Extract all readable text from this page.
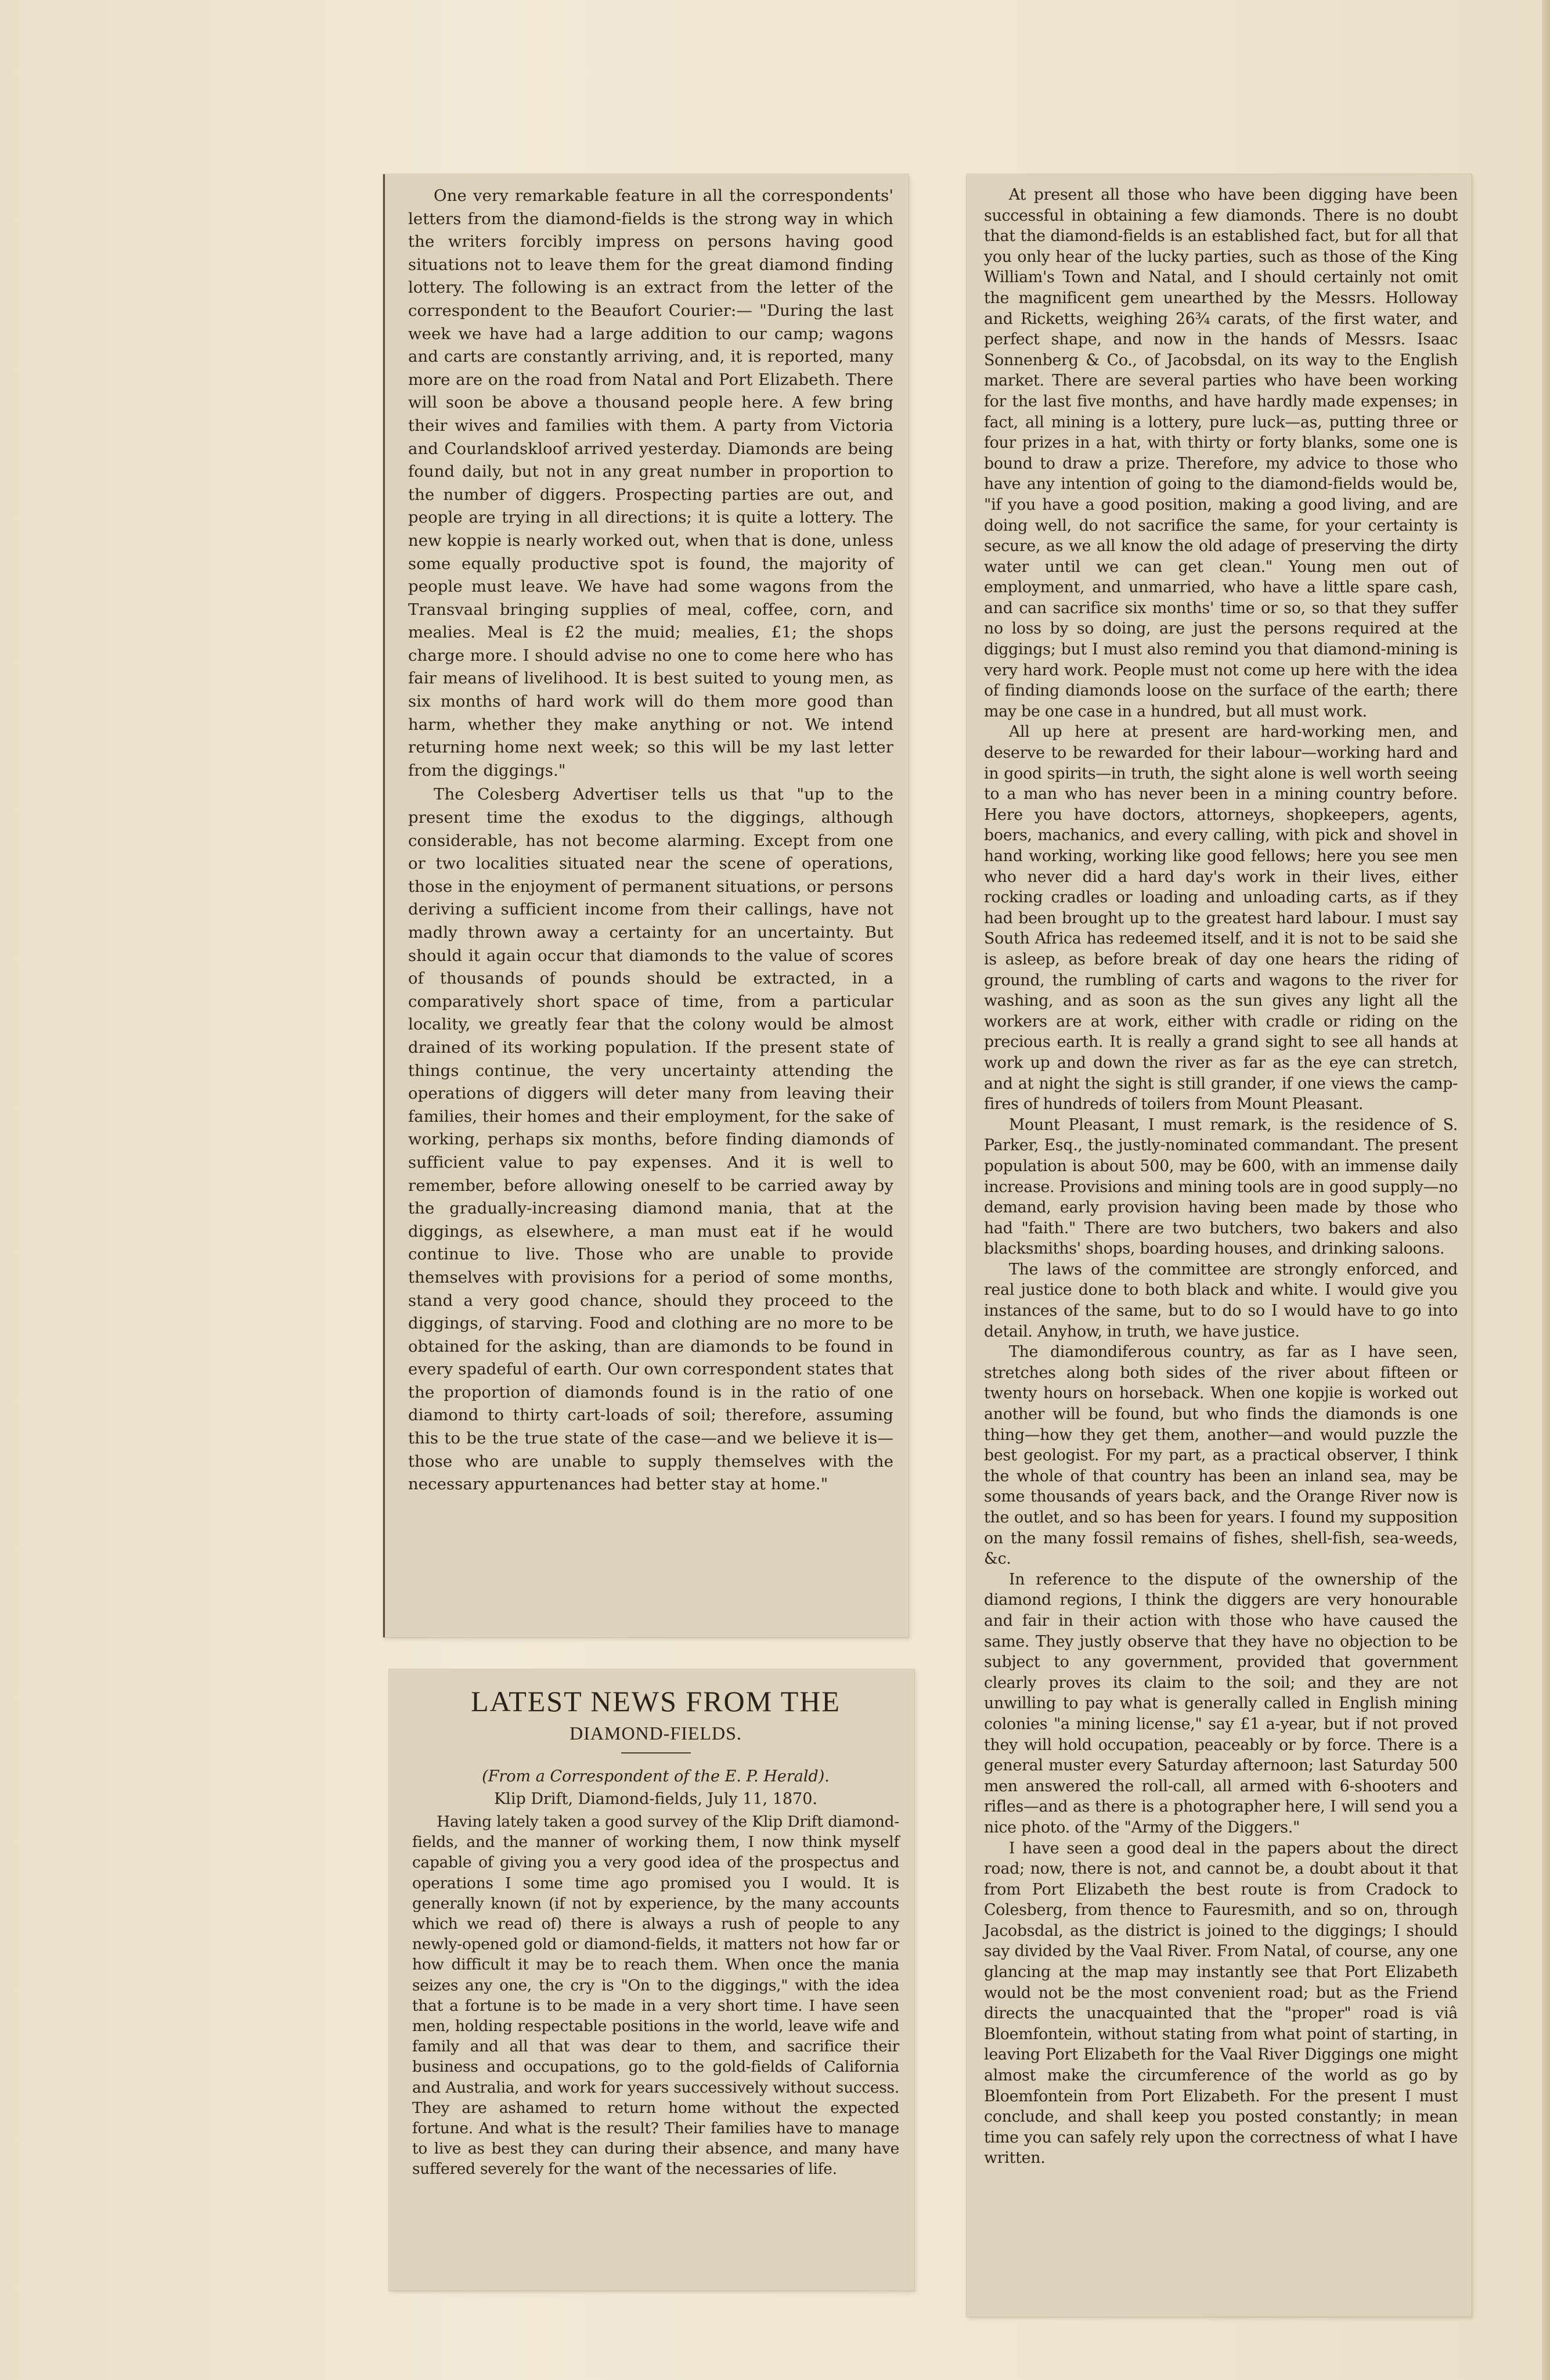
One very remarkable feature in all the correspondents' letters from the diamond-fields is the strong way in which the writers forcibly impress on persons having good situations not to leave them for the great diamond finding lottery. The following is an extract from the letter of the correspondent to the Beaufort Courier:— "During the last week we have had a large addition to our camp; wagons and carts are constantly arriving, and, it is reported, many more are on the road from Natal and Port Elizabeth. There will soon be above a thousand people here. A few bring their wives and families with them. A party from Victoria and Courlandskloof arrived yesterday. Diamonds are being found daily, but not in any great number in proportion to the number of diggers. Prospecting parties are out, and people are trying in all directions; it is quite a lottery. The new koppie is nearly worked out, when that is done, unless some equally productive spot is found, the majority of people must leave. We have had some wagons from the Transvaal bringing supplies of meal, coffee, corn, and mealies. Meal is £2 the muid; mealies, £1; the shops charge more. I should advise no one to come here who has fair means of livelihood. It is best suited to young men, as six months of hard work will do them more good than harm, whether they make anything or not. We intend returning home next week; so this will be my last letter from the diggings."

The Colesberg Advertiser tells us that "up to the present time the exodus to the diggings, although considerable, has not become alarming. Except from one or two localities situated near the scene of operations, those in the enjoyment of permanent situations, or persons deriving a sufficient income from their callings, have not madly thrown away a certainty for an uncertainty. But should it again occur that diamonds to the value of scores of thousands of pounds should be extracted, in a comparatively short space of time, from a particular locality, we greatly fear that the colony would be almost drained of its working population. If the present state of things continue, the very uncertainty attending the operations of diggers will deter many from leaving their families, their homes and their employment, for the sake of working, perhaps six months, before finding diamonds of sufficient value to pay expenses. And it is well to remember, before allowing oneself to be carried away by the gradually-increasing diamond mania, that at the diggings, as elsewhere, a man must eat if he would continue to live. Those who are unable to provide themselves with provisions for a period of some months, stand a very good chance, should they proceed to the diggings, of starving. Food and clothing are no more to be obtained for the asking, than are diamonds to be found in every spadeful of earth. Our own correspondent states that the proportion of diamonds found is in the ratio of one diamond to thirty cart-loads of soil; therefore, assuming this to be the true state of the case—and we believe it is—those who are unable to supply themselves with the necessary appurtenances had better stay at home."

LATEST NEWS FROM THE
DIAMOND-FIELDS.
(From a Correspondent of the E. P. Herald).
Klip Drift, Diamond-fields, July 11, 1870.

Having lately taken a good survey of the Klip Drift diamond-fields, and the manner of working them, I now think myself capable of giving you a very good idea of the prospectus and operations I some time ago promised you I would. It is generally known (if not by experience, by the many accounts which we read of) there is always a rush of people to any newly-opened gold or diamond-fields, it matters not how far or how difficult it may be to reach them. When once the mania seizes any one, the cry is "On to the diggings," with the idea that a fortune is to be made in a very short time. I have seen men, holding respectable positions in the world, leave wife and family and all that was dear to them, and sacrifice their business and occupations, go to the gold-fields of California and Australia, and work for years successively without success. They are ashamed to return home without the expected fortune. And what is the result? Their families have to manage to live as best they can during their absence, and many have suffered severely for the want of the necessaries of life.

At present all those who have been digging have been successful in obtaining a few diamonds. There is no doubt that the diamond-fields is an established fact, but for all that you only hear of the lucky parties, such as those of the King William's Town and Natal, and I should certainly not omit the magnificent gem unearthed by the Messrs. Holloway and Ricketts, weighing 26¾ carats, of the first water, and perfect shape, and now in the hands of Messrs. Isaac Sonnenberg & Co., of Jacobsdal, on its way to the English market. There are several parties who have been working for the last five months, and have hardly made expenses; in fact, all mining is a lottery, pure luck—as, putting three or four prizes in a hat, with thirty or forty blanks, some one is bound to draw a prize. Therefore, my advice to those who have any intention of going to the diamond-fields would be, "if you have a good position, making a good living, and are doing well, do not sacrifice the same, for your certainty is secure, as we all know the old adage of preserving the dirty water until we can get clean." Young men out of employment, and unmarried, who have a little spare cash, and can sacrifice six months' time or so, so that they suffer no loss by so doing, are just the persons required at the diggings; but I must also remind you that diamond-mining is very hard work. People must not come up here with the idea of finding diamonds loose on the surface of the earth; there may be one case in a hundred, but all must work.

All up here at present are hard-working men, and deserve to be rewarded for their labour—working hard and in good spirits—in truth, the sight alone is well worth seeing to a man who has never been in a mining country before. Here you have doctors, attorneys, shopkeepers, agents, boers, machanics, and every calling, with pick and shovel in hand working, working like good fellows; here you see men who never did a hard day's work in their lives, either rocking cradles or loading and unloading carts, as if they had been brought up to the greatest hard labour. I must say South Africa has redeemed itself, and it is not to be said she is asleep, as before break of day one hears the riding of ground, the rumbling of carts and wagons to the river for washing, and as soon as the sun gives any light all the workers are at work, either with cradle or riding on the precious earth. It is really a grand sight to see all hands at work up and down the river as far as the eye can stretch, and at night the sight is still grander, if one views the camp-fires of hundreds of toilers from Mount Pleasant.

Mount Pleasant, I must remark, is the residence of S. Parker, Esq., the justly-nominated commandant. The present population is about 500, may be 600, with an immense daily increase. Provisions and mining tools are in good supply—no demand, early provision having been made by those who had "faith." There are two butchers, two bakers and also blacksmiths' shops, boarding houses, and drinking saloons.

The laws of the committee are strongly enforced, and real justice done to both black and white. I would give you instances of the same, but to do so I would have to go into detail. Anyhow, in truth, we have justice.

The diamondiferous country, as far as I have seen, stretches along both sides of the river about fifteen or twenty hours on horseback. When one kopjie is worked out another will be found, but who finds the diamonds is one thing—how they get them, another—and would puzzle the best geologist. For my part, as a practical observer, I think the whole of that country has been an inland sea, may be some thousands of years back, and the Orange River now is the outlet, and so has been for years. I found my supposition on the many fossil remains of fishes, shell-fish, sea-weeds, &c.

In reference to the dispute of the ownership of the diamond regions, I think the diggers are very honourable and fair in their action with those who have caused the same. They justly observe that they have no objection to be subject to any government, provided that government clearly proves its claim to the soil; and they are not unwilling to pay what is generally called in English mining colonies "a mining license," say £1 a-year, but if not proved they will hold occupation, peaceably or by force. There is a general muster every Saturday afternoon; last Saturday 500 men answered the roll-call, all armed with 6-shooters and rifles—and as there is a photographer here, I will send you a nice photo. of the "Army of the Diggers."

I have seen a good deal in the papers about the direct road; now, there is not, and cannot be, a doubt about it that from Port Elizabeth the best route is from Cradock to Colesberg, from thence to Fauresmith, and so on, through Jacobsdal, as the district is joined to the diggings; I should say divided by the Vaal River. From Natal, of course, any one glancing at the map may instantly see that Port Elizabeth would not be the most convenient road; but as the Friend directs the unacquainted that the "proper" road is viâ Bloemfontein, without stating from what point of starting, in leaving Port Elizabeth for the Vaal River Diggings one might almost make the circumference of the world as go by Bloemfontein from Port Elizabeth. For the present I must conclude, and shall keep you posted constantly; in mean time you can safely rely upon the correctness of what I have written.
